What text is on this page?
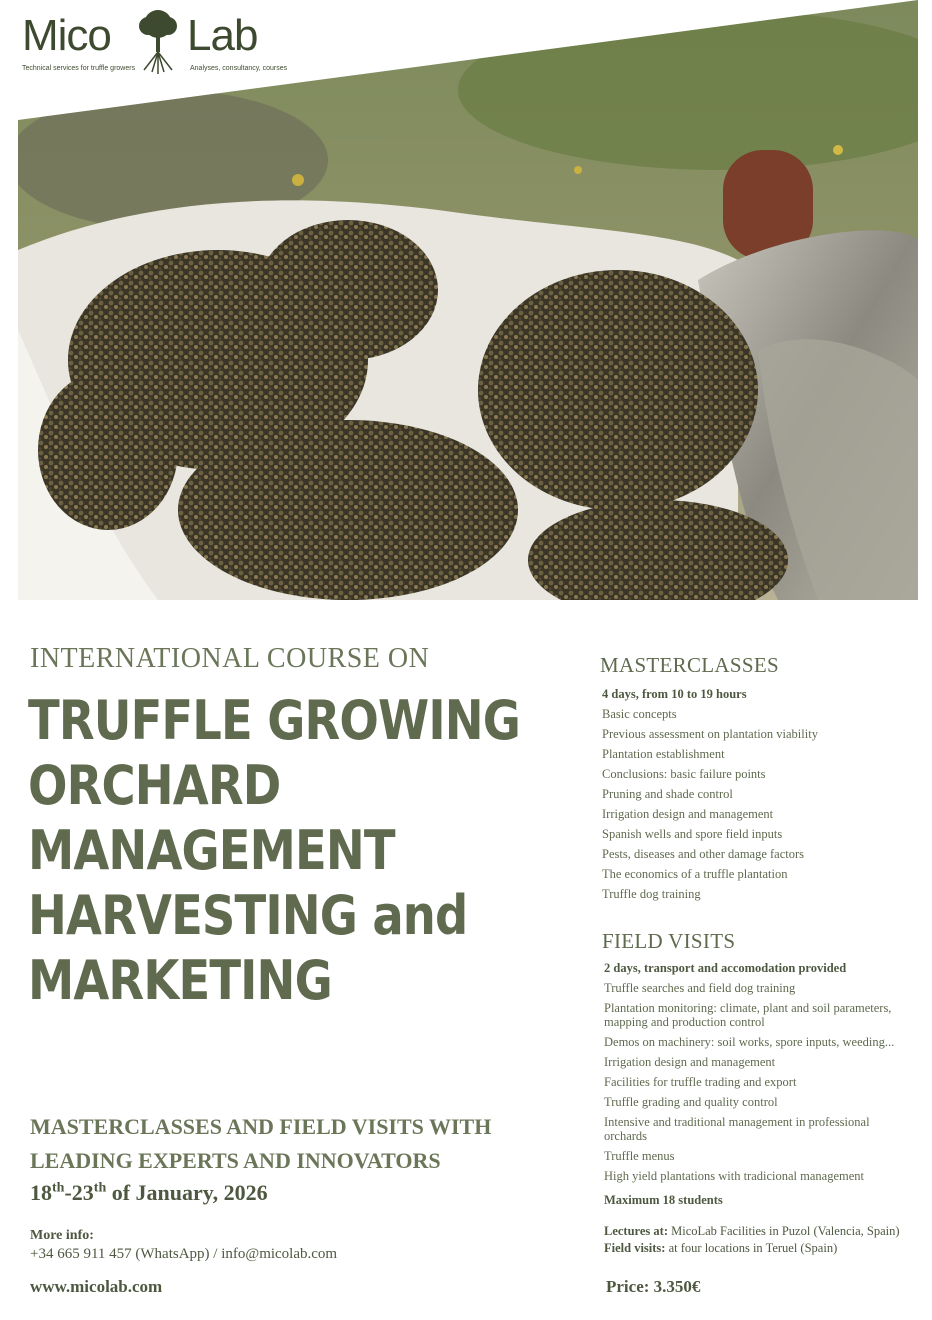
Mico Lab
Technical services for truffle growers	Analyses, consultancy, courses
INTERNATIONAL COURSE ON
TRUFFLE GROWING
ORCHARD
MANAGEMENT
HARVESTING and
MARKETING
MASTERCLASSES AND FIELD VISITS WITH
LEADING EXPERTS AND INNOVATORS
18th-23th of January, 2026
More info:
+34 665 911 457 (WhatsApp) / info@micolab.com
www.micolab.com
MASTERCLASSES
4 days, from 10 to 19 hours
Basic concepts
Previous assessment on plantation viability
Plantation establishment
Conclusions: basic failure points
Pruning and shade control
Irrigation design and management
Spanish wells and spore field inputs
Pests, diseases and other damage factors
The economics of a truffle plantation
Truffle dog training
FIELD VISITS
2 days, transport and accomodation provided
Truffle searches and field dog training
Plantation monitoring: climate, plant and soil parameters, mapping and production control
Demos on machinery: soil works, spore inputs, weeding...
Irrigation design and management
Facilities for truffle trading and export
Truffle grading and quality control
Intensive and traditional management in professional orchards
Truffle menus
High yield plantations with tradicional management
Maximum 18 students
Lectures at: MicoLab Facilities in Puzol (Valencia, Spain)
Field visits: at four locations in Teruel (Spain)
Price: 3.350€
